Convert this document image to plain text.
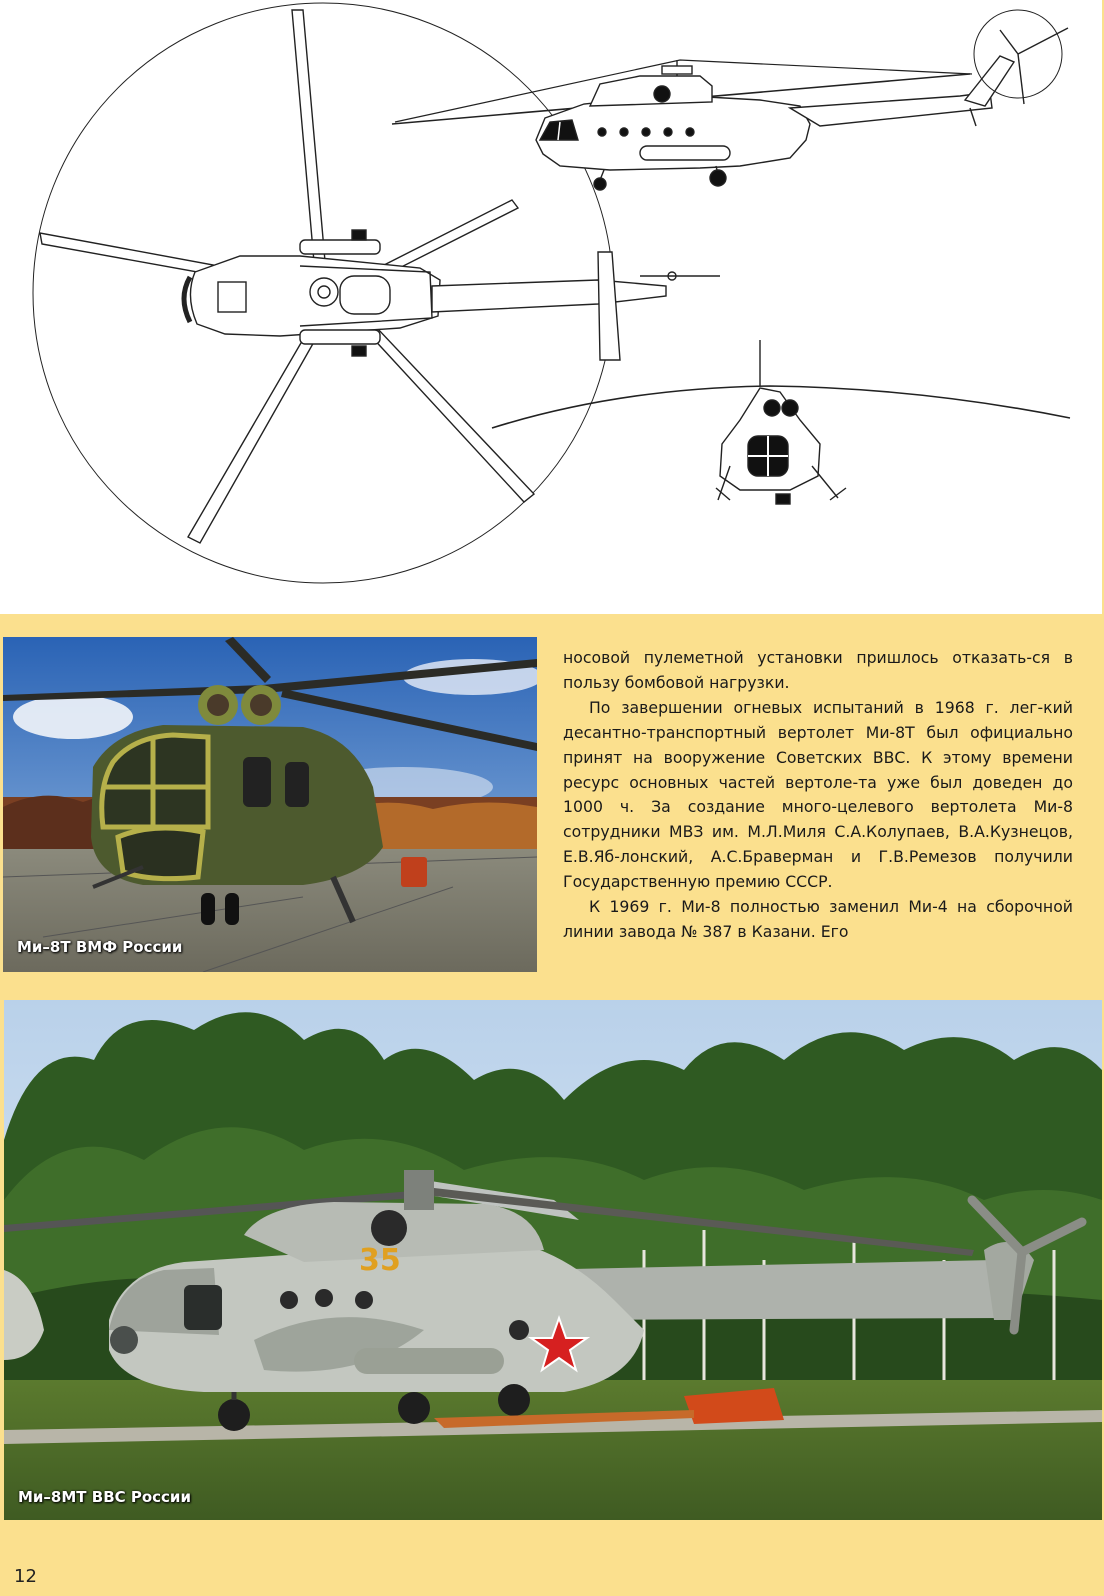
Ми–8Т ВМФ России

носовой пулеметной установки пришлось отказать-ся в пользу бомбовой нагрузки.

По завершении огневых испытаний в 1968 г. лег-кий десантно-транспортный вертолет Ми-8Т был официально принят на вооружение Советских ВВС. К этому времени ресурс основных частей вертоле-та уже был доведен до 1000 ч. За создание много-целевого вертолета Ми-8 сотрудники МВЗ им. М.Л.Миля С.А.Колупаев, В.А.Кузнецов, Е.В.Яб-лонский, А.С.Браверман и Г.В.Ремезов получили Государственную премию СССР.

К 1969 г. Ми-8 полностью заменил Ми-4 на сборочной линии завода № 387 в Казани. Его

35
Ми–8МТ ВВС России
12
